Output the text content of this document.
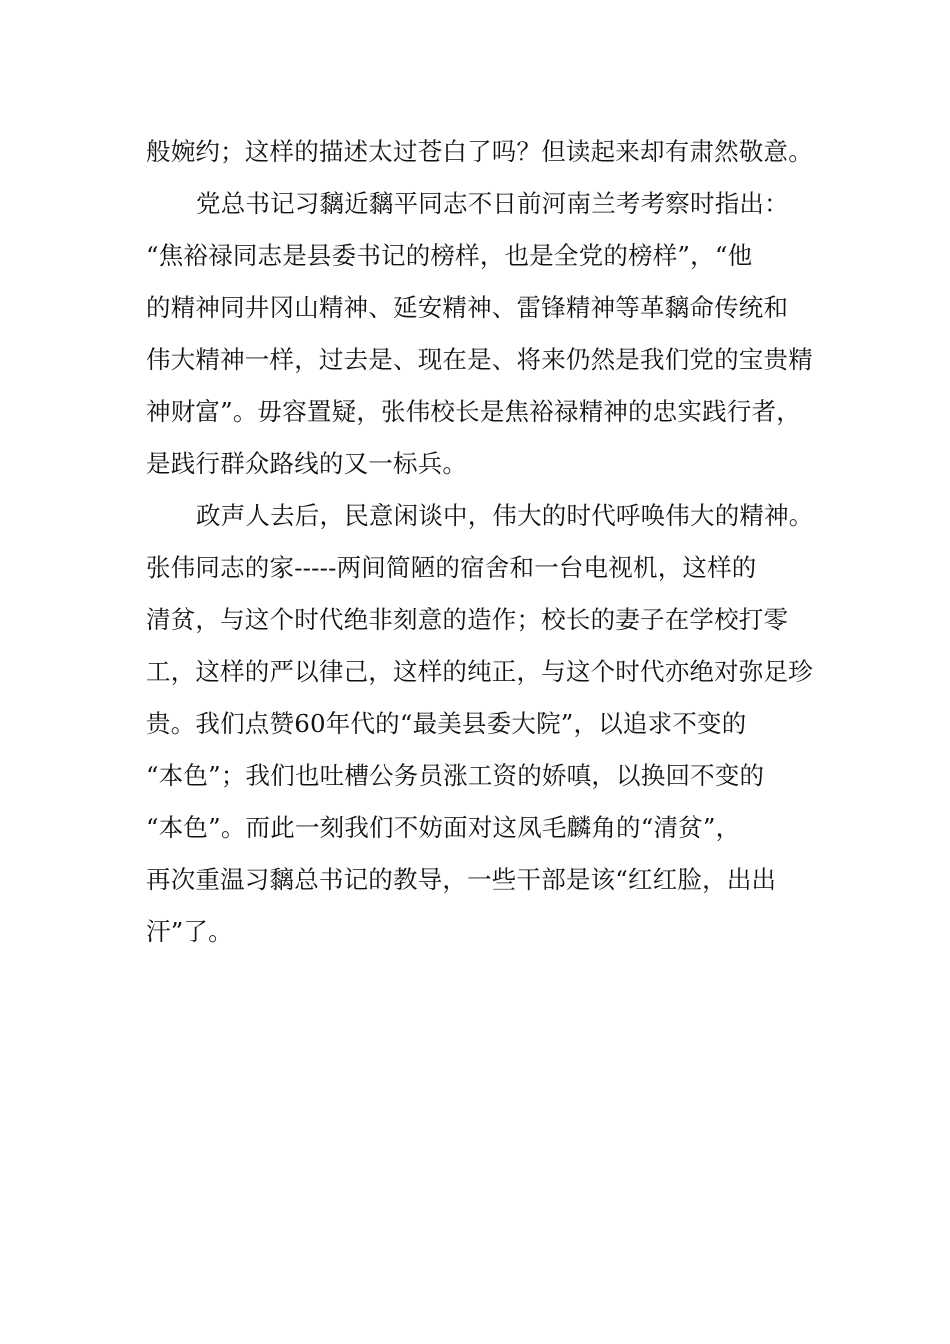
般婉约；这样的描述太过苍白了吗？但读起来却有肃然敬意。
党总书记习黐近黐平同志不日前河南兰考考察时指出：
“焦裕禄同志是县委书记的榜样，也是全党的榜样”，“他
的精神同井冈山精神、延安精神、雷锋精神等革黐命传统和
伟大精神一样，过去是、现在是、将来仍然是我们党的宝贵精
神财富”。毋容置疑，张伟校长是焦裕禄精神的忠实践行者，
是践行群众路线的又一标兵。
政声人去后，民意闲谈中，伟大的时代呼唤伟大的精神。
张伟同志的家-----两间简陋的宿舍和一台电视机，这样的
清贫，与这个时代绝非刻意的造作；校长的妻子在学校打零
工，这样的严以律己，这样的纯正，与这个时代亦绝对弥足珍
贵。我们点赞60年代的“最美县委大院”，以追求不变的
“本色”；我们也吐槽公务员涨工资的娇嗔，以换回不变的
“本色”。而此一刻我们不妨面对这凤毛麟角的“清贫”，
再次重温习黐总书记的教导，一些干部是该“红红脸，出出
汗”了。
